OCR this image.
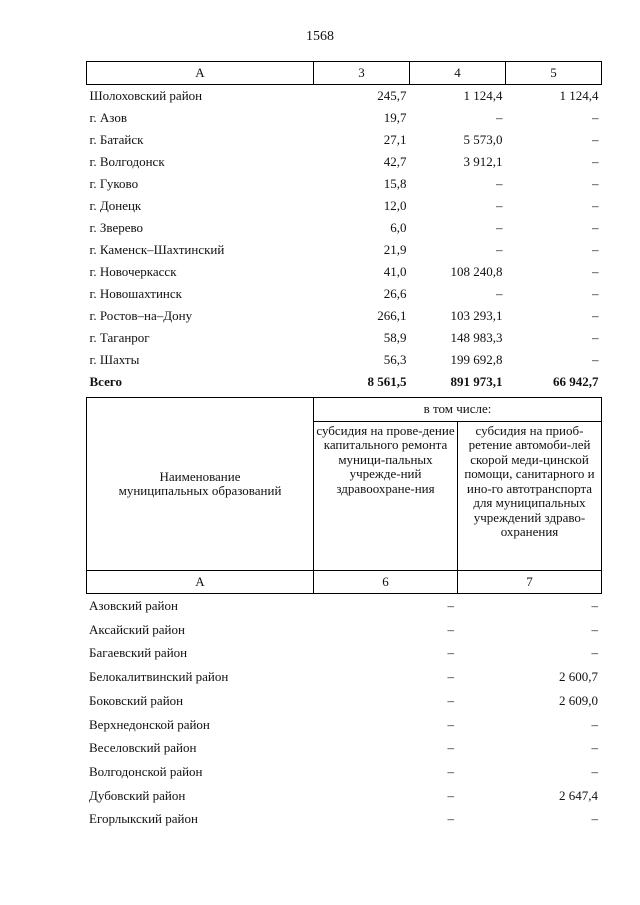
1568
А	3	4	5
Шолоховский район	245,7	1 124,4	1 124,4
г. Азов	19,7	–	–
г. Батайск	27,1	5 573,0	–
г. Волгодонск	42,7	3 912,1	–
г. Гуково	15,8	–	–
г. Донецк	12,0	–	–
г. Зверево	6,0	–	–
г. Каменск–Шахтинский	21,9	–	–
г. Новочеркасск	41,0	108 240,8	–
г. Новошахтинск	26,6	–	–
г. Ростов–на–Дону	266,1	103 293,1	–
г. Таганрог	58,9	148 983,3	–
г. Шахты	56,3	199 692,8	–
Всего	8 561,5	891 973,1	66 942,7
Наименование муниципальных образований	в том числе:	
	субсидия на прове-дение капитального ремонта муници-пальных учрежде-ний здравоохране-ния	субсидия на приоб-ретение автомоби-лей скорой меди-цинской помощи, санитарного и ино-го автотранспорта для муниципальных учреждений здраво-охранения
А	6	7
Азовский район	–	–
Аксайский район	–	–
Багаевский район	–	–
Белокалитвинский район	–	2 600,7
Боковский район	–	2 609,0
Верхнедонской район	–	–
Веселовский район	–	–
Волгодонской район	–	–
Дубовский район	–	2 647,4
Егорлыкский район	–	–
